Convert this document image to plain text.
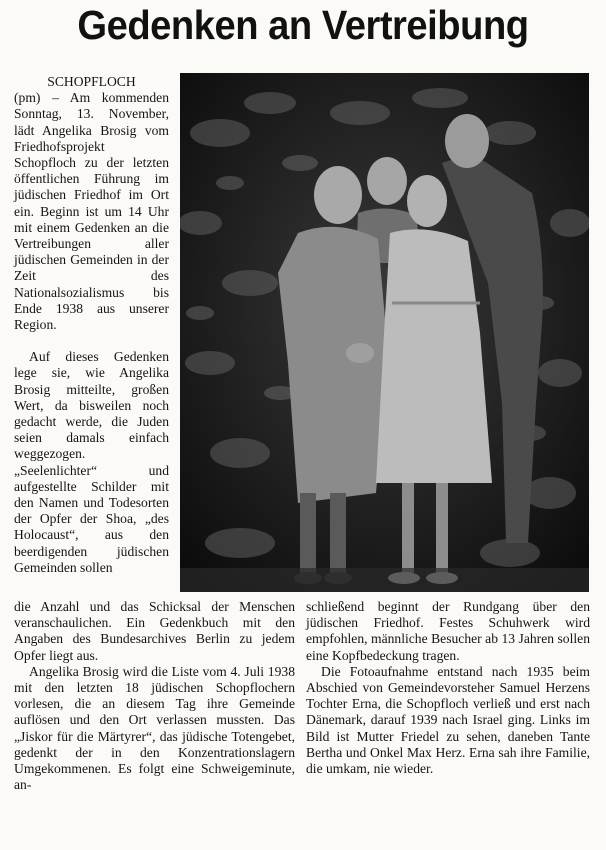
Gedenken an Vertreibung

SCHOPFLOCH

(pm) – Am kommenden Sonntag, 13. November, lädt Angelika Brosig vom Friedhofsprojekt Schopfloch zu der letzten öffentlichen Führung im jüdischen Friedhof im Ort ein. Beginn ist um 14 Uhr mit einem Gedenken an die Vertreibungen aller jüdischen Gemeinden in der Zeit des Nationalsozialismus bis Ende 1938 aus unserer Region.

Auf dieses Gedenken lege sie, wie Angelika Brosig mitteilte, großen Wert, da bisweilen noch gedacht werde, die Juden seien damals einfach weggezogen. „Seelenlichter“ und aufgestellte Schilder mit den Namen und Todesorten der Opfer der Shoa, „des Holocaust“, aus den beerdigenden jüdischen Gemeinden sollen

die Anzahl und das Schicksal der Menschen veranschaulichen. Ein Gedenkbuch mit den Angaben des Bundesarchives Berlin zu jedem Opfer liegt aus.

Angelika Brosig wird die Liste vom 4. Juli 1938 mit den letzten 18 jüdischen Schopflochern vorlesen, die an diesem Tag ihre Gemeinde auflösen und den Ort verlassen mussten. Das „Jiskor für die Märtyrer“, das jüdische Totengebet, gedenkt der in den Konzentrationslagern Umgekommenen. Es folgt eine Schweigeminute, an-

schließend beginnt der Rundgang über den jüdischen Friedhof. Festes Schuhwerk wird empfohlen, männliche Besucher ab 13 Jahren sollen eine Kopfbedeckung tragen.

Die Fotoaufnahme entstand nach 1935 beim Abschied von Gemeindevorsteher Samuel Herzens Tochter Erna, die Schopfloch verließ und erst nach Dänemark, darauf 1939 nach Israel ging. Links im Bild ist Mutter Friedel zu sehen, daneben Tante Bertha und Onkel Max Herz. Erna sah ihre Familie, die umkam, nie wieder.
